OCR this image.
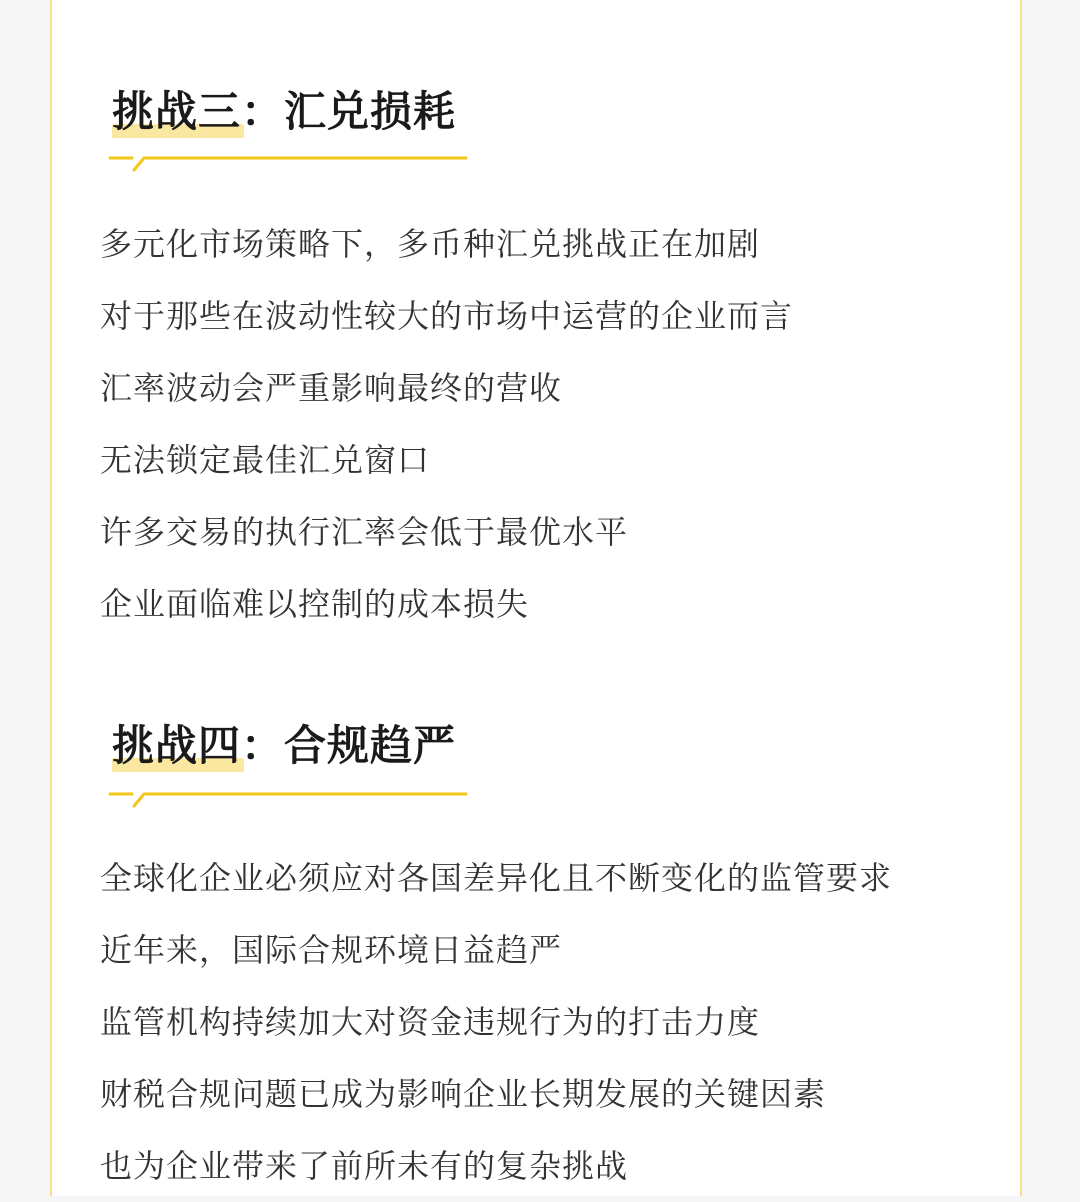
挑战三：汇兑损耗
多元化市场策略下，多币种汇兑挑战正在加剧
对于那些在波动性较大的市场中运营的企业而言
汇率波动会严重影响最终的营收
无法锁定最佳汇兑窗口
许多交易的执行汇率会低于最优水平
企业面临难以控制的成本损失
挑战四：合规趋严
全球化企业必须应对各国差异化且不断变化的监管要求
近年来，国际合规环境日益趋严
监管机构持续加大对资金违规行为的打击力度
财税合规问题已成为影响企业长期发展的关键因素
也为企业带来了前所未有的复杂挑战
